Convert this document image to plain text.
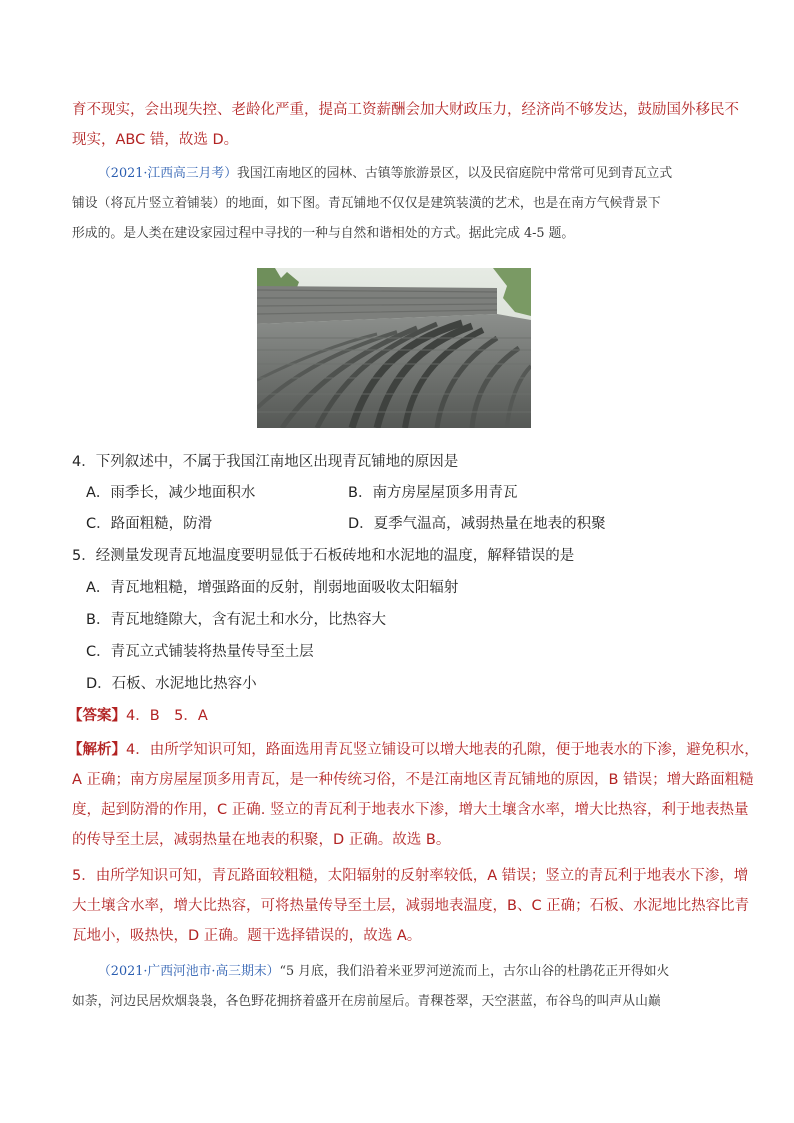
育不现实，会出现失控、老龄化严重，提高工资薪酬会加大财政压力，经济尚不够发达，鼓励国外移民不
现实，ABC 错，故选 D。
（2021·江西高三月考）我国江南地区的园林、古镇等旅游景区，以及民宿庭院中常常可见到青瓦立式
铺设（将瓦片竖立着铺装）的地面，如下图。青瓦铺地不仅仅是建筑装潢的艺术，也是在南方气候背景下
形成的。是人类在建设家园过程中寻找的一种与自然和谐相处的方式。据此完成 4-5 题。
4．下列叙述中，不属于我国江南地区出现青瓦铺地的原因是
A．雨季长，减少地面积水	B．南方房屋屋顶多用青瓦
C．路面粗糙，防滑	D．夏季气温高，减弱热量在地表的积聚
5．经测量发现青瓦地温度要明显低于石板砖地和水泥地的温度，解释错误的是
A．青瓦地粗糙，增强路面的反射，削弱地面吸收太阳辐射
B．青瓦地缝隙大，含有泥土和水分，比热容大
C．青瓦立式铺装将热量传导至土层
D．石板、水泥地比热容小
【答案】4．B　5．A
【解析】4．由所学知识可知，路面选用青瓦竖立铺设可以增大地表的孔隙，便于地表水的下渗，避免积水，
A 正确；南方房屋屋顶多用青瓦，是一种传统习俗，不是江南地区青瓦铺地的原因，B 错误；增大路面粗糙
度，起到防滑的作用，C 正确. 竖立的青瓦利于地表水下渗，增大土壤含水率，增大比热容，利于地表热量
的传导至土层，减弱热量在地表的积聚，D 正确。故选 B。
5．由所学知识可知，青瓦路面较粗糙，太阳辐射的反射率较低，A 错误；竖立的青瓦利于地表水下渗，增
大土壤含水率，增大比热容，可将热量传导至土层，减弱地表温度，B、C 正确；石板、水泥地比热容比青
瓦地小，吸热快，D 正确。题干选择错误的，故选 A。
（2021·广西河池市·高三期末）“5 月底，我们沿着米亚罗河逆流而上，古尔山谷的杜鹃花正开得如火
如荼，河边民居炊烟袅袅，各色野花拥挤着盛开在房前屋后。青稞苍翠，天空湛蓝，布谷鸟的叫声从山巅
